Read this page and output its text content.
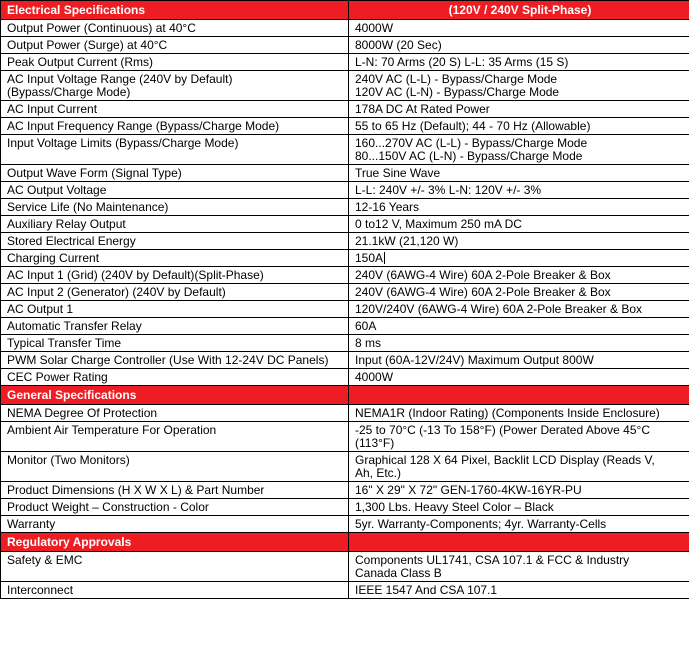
Electrical Specifications	(120V / 240V Split-Phase)

Output Power (Continuous) at 40°C	4000W

Output Power (Surge) at 40°C	8000W (20 Sec)

Peak Output Current (Rms)	L-N: 70 Arms (20 S) L-L: 35 Arms (15 S)

AC Input Voltage Range (240V by Default)
(Bypass/Charge Mode)	240V AC (L-L) - Bypass/Charge Mode
120V AC (L-N) - Bypass/Charge Mode

AC Input Current	178A DC At Rated Power

AC Input Frequency Range (Bypass/Charge Mode)	55 to 65 Hz (Default); 44 - 70 Hz (Allowable)

Input Voltage Limits (Bypass/Charge Mode)	160...270V AC (L-L) - Bypass/Charge Mode
80...150V AC (L-N) - Bypass/Charge Mode

Output Wave Form (Signal Type)	True Sine Wave

AC Output Voltage	L-L: 240V +/- 3% L-N: 120V +/- 3%

Service Life (No Maintenance)	12-16 Years

Auxiliary Relay Output	0 to12 V, Maximum 250 mA DC

Stored Electrical Energy	21.1kW (21,120 W)

Charging Current	150A

AC Input 1 (Grid) (240V by Default)(Split-Phase)	240V (6AWG-4 Wire) 60A 2-Pole Breaker & Box

AC Input 2 (Generator) (240V by Default)	240V (6AWG-4 Wire) 60A 2-Pole Breaker & Box

AC Output 1	120V/240V (6AWG-4 Wire) 60A 2-Pole Breaker & Box

Automatic Transfer Relay	60A

Typical Transfer Time	8 ms

PWM Solar Charge Controller (Use With 12-24V DC Panels)	Input (60A-12V/24V) Maximum Output 800W

CEC Power Rating	4000W

General Specifications	

NEMA Degree Of Protection	NEMA1R (Indoor Rating) (Components Inside Enclosure)

Ambient Air Temperature For Operation	-25 to 70°C (-13 To 158°F) (Power Derated Above 45°C
(113°F)

Monitor (Two Monitors)	Graphical 128 X 64 Pixel, Backlit LCD Display (Reads V,
Ah, Etc.)

Product Dimensions (H X W X L) & Part Number	16" X 29" X 72" GEN-1760-4KW-16YR-PU

Product Weight – Construction - Color	1,300 Lbs. Heavy Steel Color – Black

Warranty	5yr. Warranty-Components; 4yr. Warranty-Cells

Regulatory Approvals	

Safety & EMC	Components UL1741, CSA 107.1 & FCC & Industry
Canada Class B

Interconnect	IEEE 1547 And CSA 107.1
